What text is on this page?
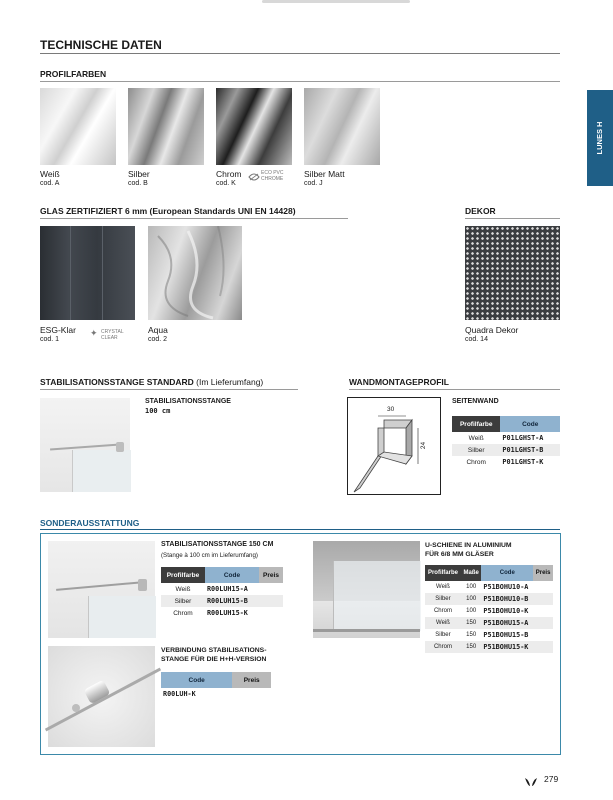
TECHNISCHE DATEN
LUNES H
PROFILFARBEN
Weiß
cod. A
Silber
cod. B
Chrom
cod. K
ECO PVC CHROME	Silber Matt
cod. J
GLAS ZERTIFIZIERT 6 mm (European Standards UNI EN 14428)	DEKOR
ESG-Klar
cod. 1
✦ CRYSTAL CLEAR
Aqua
cod. 2
Quadra Dekor
cod. 14
STABILISATIONSSTANGE STANDARD (Im Lieferumfang)
STABILISATIONSSTANGE
100 cm
WANDMONTAGEPROFIL
30
24
SEITENWAND
Profilfarbe	Code
Weiß	P01LGHST-A
Silber	P01LGHST-B
Chrom	P01LGHST-K
SONDERAUSSTATTUNG
STABILISATIONSSTANGE 150 CM
(Stange à 100 cm im Lieferumfang)
Profilfarbe	Code	Preis
Weiß	R00LUH15-A	
Silber	R00LUH15-B	
Chrom	R00LUH15-K	
VERBINDUNG STABILISATIONS-
STANGE FÜR DIE H+H-VERSION
Code	Preis
R00LUH-K	
U-SCHIENE IN ALUMINIUM
FÜR 6/8 MM GLÄSER
Profilfarbe	Maße	Code	Preis
Weiß	100	P51BOHU10-A	
Silber	100	P51BOHU10-B	
Chrom	100	P51BOHU10-K	
Weiß	150	P51BOHU15-A	
Silber	150	P51BOHU15-B	
Chrom	150	P51BOHU15-K	
279
